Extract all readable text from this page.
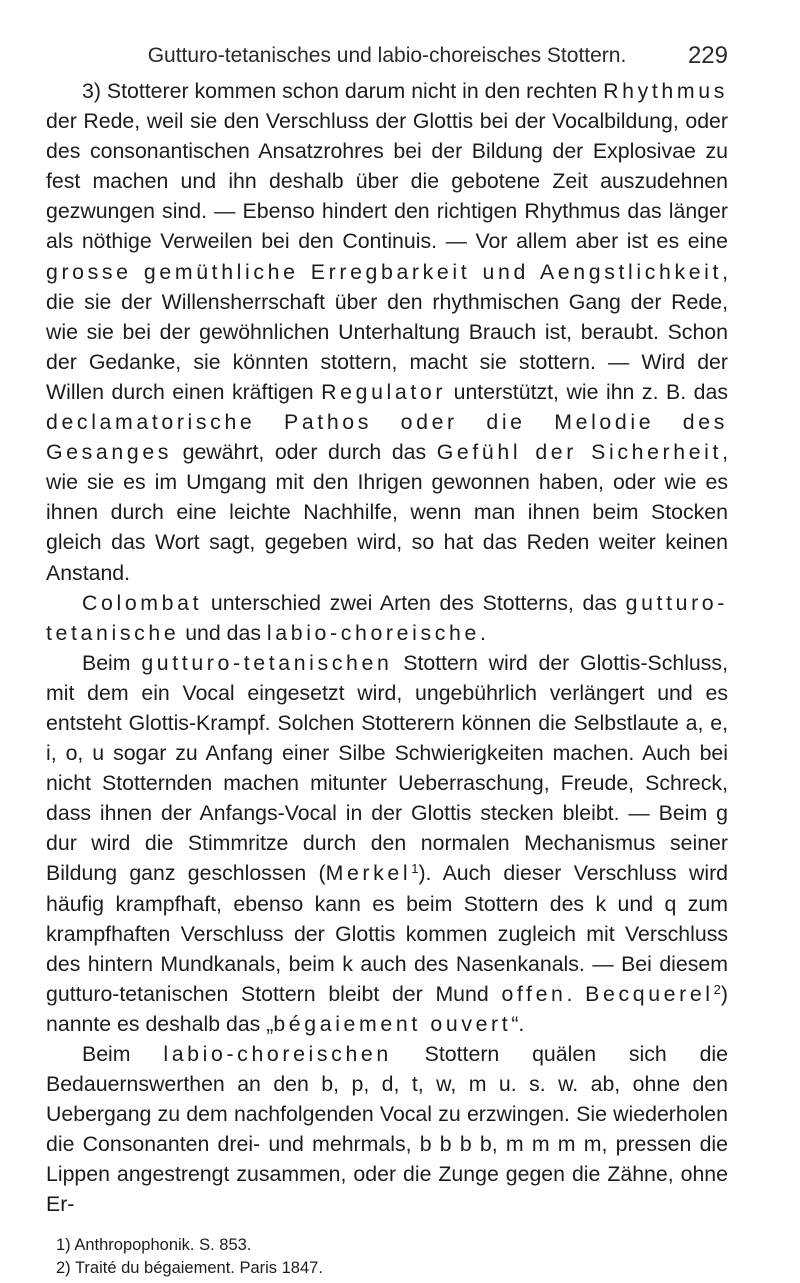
Gutturo-tetanisches und labio-choreisches Stottern.	229

3) Stotterer kommen schon darum nicht in den rechten Rhythmus der Rede, weil sie den Verschluss der Glottis bei der Vocalbildung, oder des consonantischen Ansatzrohres bei der Bildung der Explosivae zu fest machen und ihn deshalb über die gebotene Zeit auszudehnen gezwungen sind. — Ebenso hindert den richtigen Rhythmus das länger als nöthige Verweilen bei den Continuis. — Vor allem aber ist es eine grosse gemüthliche Erregbarkeit und Aengstlichkeit, die sie der Willensherrschaft über den rhythmischen Gang der Rede, wie sie bei der gewöhnlichen Unterhaltung Brauch ist, beraubt. Schon der Gedanke, sie könnten stottern, macht sie stottern. — Wird der Willen durch einen kräftigen Regulator unterstützt, wie ihn z. B. das declamatorische Pathos oder die Melodie des Gesanges gewährt, oder durch das Gefühl der Sicherheit, wie sie es im Umgang mit den Ihrigen gewonnen haben, oder wie es ihnen durch eine leichte Nachhilfe, wenn man ihnen beim Stocken gleich das Wort sagt, gegeben wird, so hat das Reden weiter keinen Anstand.

Colombat unterschied zwei Arten des Stotterns, das gutturo-tetanische und das labio-choreische.

Beim gutturo-tetanischen Stottern wird der Glottis-Schluss, mit dem ein Vocal eingesetzt wird, ungebührlich verlängert und es entsteht Glottis-Krampf. Solchen Stotterern können die Selbstlaute a, e, i, o, u sogar zu Anfang einer Silbe Schwierigkeiten machen. Auch bei nicht Stotternden machen mitunter Ueberraschung, Freude, Schreck, dass ihnen der Anfangs-Vocal in der Glottis stecken bleibt. — Beim g dur wird die Stimmritze durch den normalen Mechanismus seiner Bildung ganz geschlossen (Merkel$^1$). Auch dieser Verschluss wird häufig krampfhaft, ebenso kann es beim Stottern des k und q zum krampfhaften Verschluss der Glottis kommen zugleich mit Verschluss des hintern Mundkanals, beim k auch des Nasenkanals. — Bei diesem gutturo-tetanischen Stottern bleibt der Mund offen. Becquerel$^2$) nannte es deshalb das „bégaiement ouvert“.

Beim labio-choreischen Stottern quälen sich die Bedauernswerthen an den b, p, d, t, w, m u. s. w. ab, ohne den Uebergang zu dem nachfolgenden Vocal zu erzwingen. Sie wiederholen die Consonanten drei- und mehrmals, b b b b, m m m m, pressen die Lippen angestrengt zusammen, oder die Zunge gegen die Zähne, ohne Er-

1) Anthropophonik. S. 853.
2) Traité du bégaiement. Paris 1847.
